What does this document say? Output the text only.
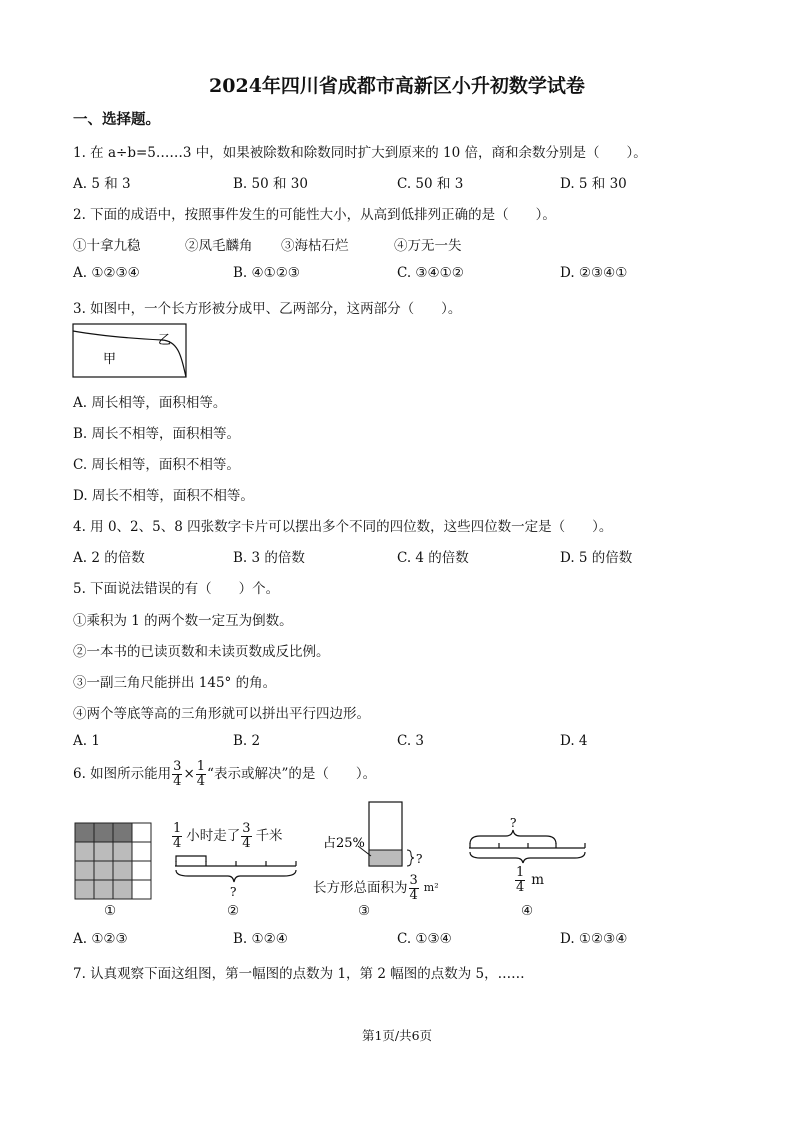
2024年四川省成都市高新区小升初数学试卷
一、选择题。
1. 在 a÷b=5……3 中，如果被除数和除数同时扩大到原来的 10 倍，商和余数分别是（　　）。
A. 5 和 3	B. 50 和 30	C. 50 和 3	D. 5 和 30
2. 下面的成语中，按照事件发生的可能性大小，从高到低排列正确的是（　　）。
①十拿九稳	②凤毛麟角 ③海枯石烂	④万无一失
A. ①②③④	B. ④①②③	C. ③④①②	D. ②③④①
3. 如图中，一个长方形被分成甲、乙两部分，这两部分（　　）。
甲
乙
A. 周长相等，面积相等。
B. 周长不相等，面积相等。
C. 周长相等，面积不相等。
D. 周长不相等，面积不相等。
4. 用 0、2、5、8 四张数字卡片可以摆出多个不同的四位数，这些四位数一定是（　　）。
A. 2 的倍数	B. 3 的倍数	C. 4 的倍数	D. 5 的倍数
5. 下面说法错误的有（　　）个。
①乘积为 1 的两个数一定互为倒数。
②一本书的已读页数和未读页数成反比例。
③一副三角尺能拼出 145° 的角。
④两个等底等高的三角形就可以拼出平行四边形。
A. 1	B. 2	C. 3	D. 4
6. 如图所示能用 $\frac{3}{4} \times \frac{1}{4}$ “表示或解决”的是（　　）。
①
$\frac{1}{4}$ 小时走了 $\frac{3}{4}$ 千米
?
②
占25%
?
长方形总面积为 $\frac{3}{4} m^2$
③
?
$\frac{1}{4}$ m
④
A. ①②③	B. ①②④	C. ①③④	D. ①②③④
7. 认真观察下面这组图，第一幅图的点数为 1，第 2 幅图的点数为 5，……
第1页/共6页
